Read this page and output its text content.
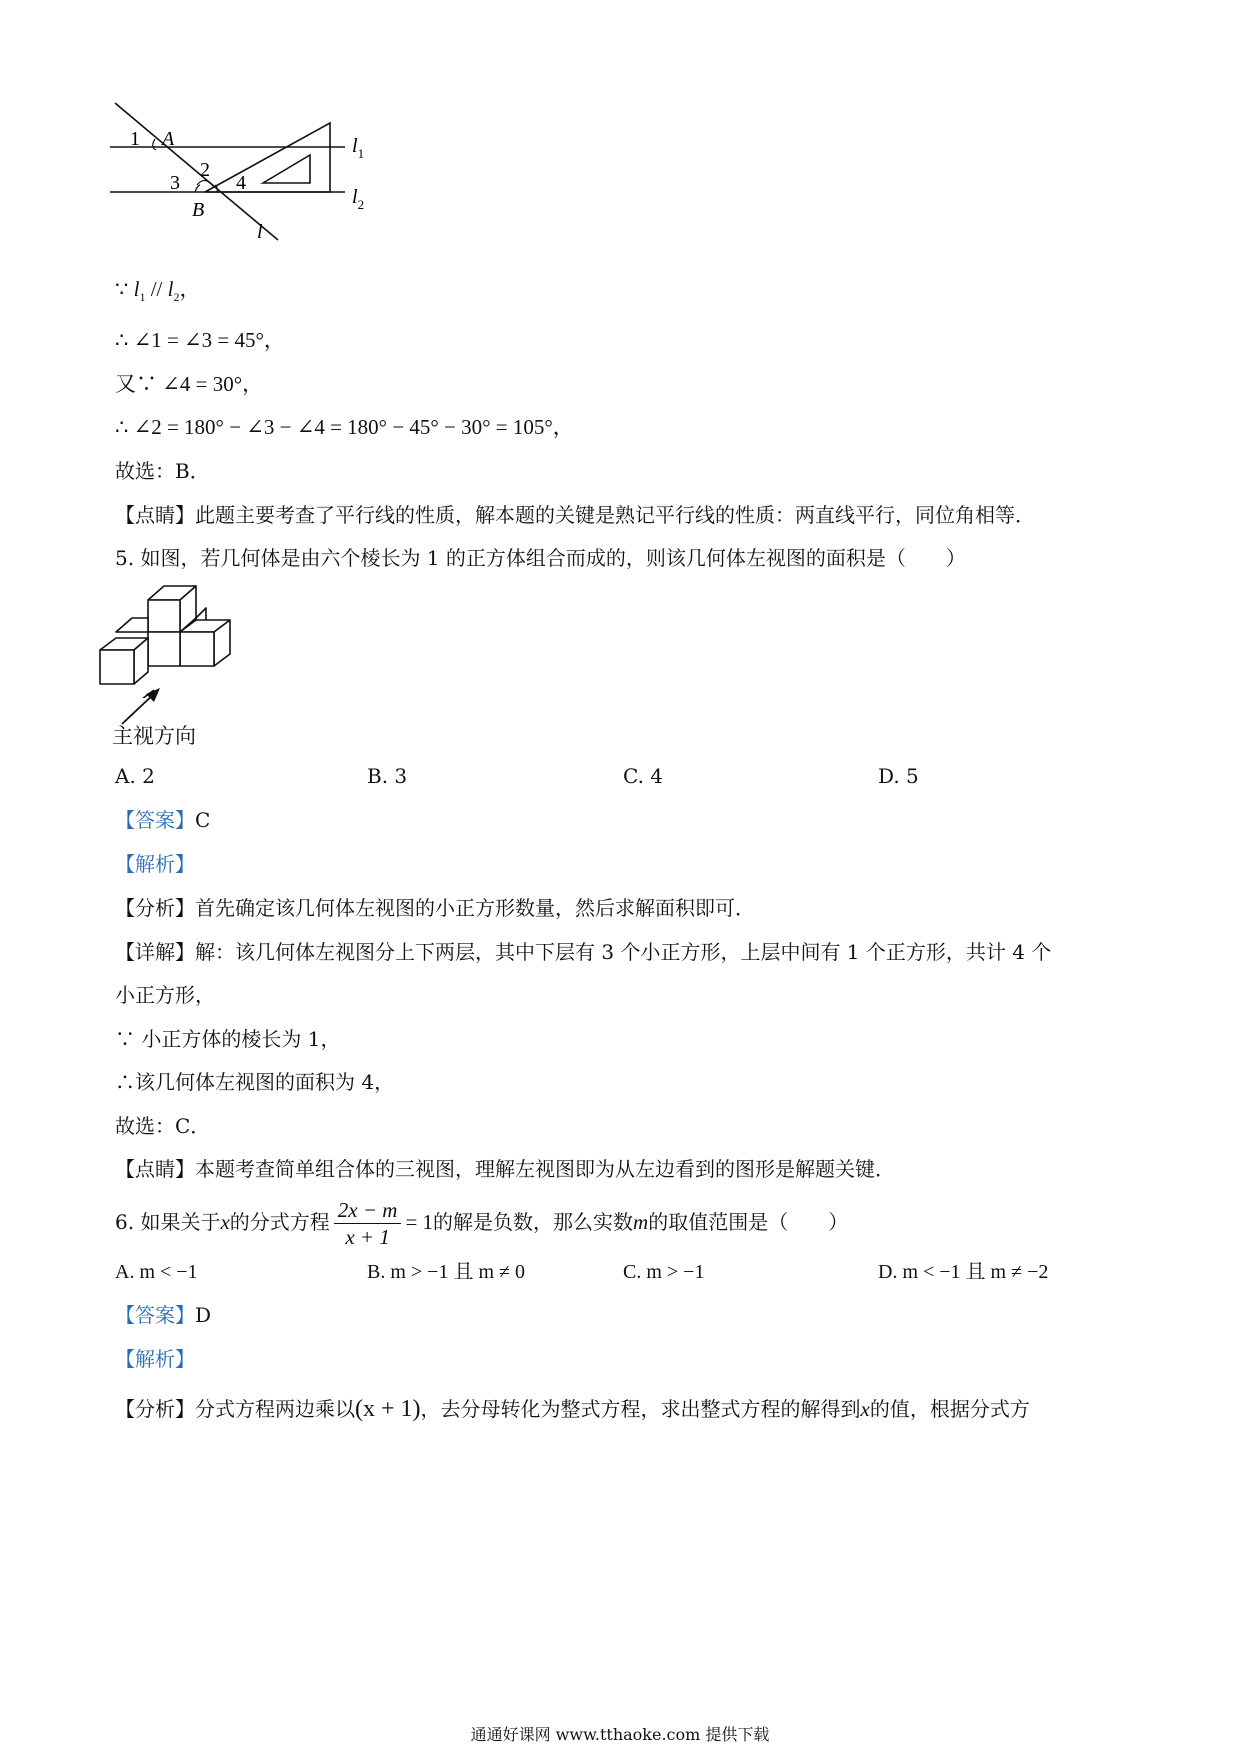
1 A
2
3	4
B
l
$l_1$
$l_2$
∵ $l_1 // l_2$，
∴ ∠1 = ∠3 = 45°，
又∵ ∠4 = 30°，
∴ ∠2 = 180° − ∠3 − ∠4 = 180° − 45° − 30° = 105°，
故选：B．
【点睛】此题主要考查了平行线的性质，解本题的关键是熟记平行线的性质：两直线平行，同位角相等．
5. 如图，若几何体是由六个棱长为 1 的正方体组合而成的，则该几何体左视图的面积是（　　）
主视方向
A. 2	B. 3	C. 4	D. 5
【答案】C
【解析】
【分析】首先确定该几何体左视图的小正方形数量，然后求解面积即可．
【详解】解：该几何体左视图分上下两层，其中下层有 3 个小正方形，上层中间有 1 个正方形，共计 4 个
小正方形，
∵ 小正方体的棱长为 1，
∴该几何体左视图的面积为 4，
故选：C．
【点睛】本题考查简单组合体的三视图，理解左视图即为从左边看到的图形是解题关键．
6. 如果关于x的分式方程 $\frac{2x - m}{x + 1} = 1$的解是负数，那么实数m的取值范围是（　　）
A. m < −1	B. m > −1 且 m ≠ 0	C. m > −1	D. m < −1 且 m ≠ −2
【答案】D
【解析】
【分析】分式方程两边乘以(x + 1)，去分母转化为整式方程，求出整式方程的解得到x的值，根据分式方
通通好课网 www.tthaoke.com 提供下载
